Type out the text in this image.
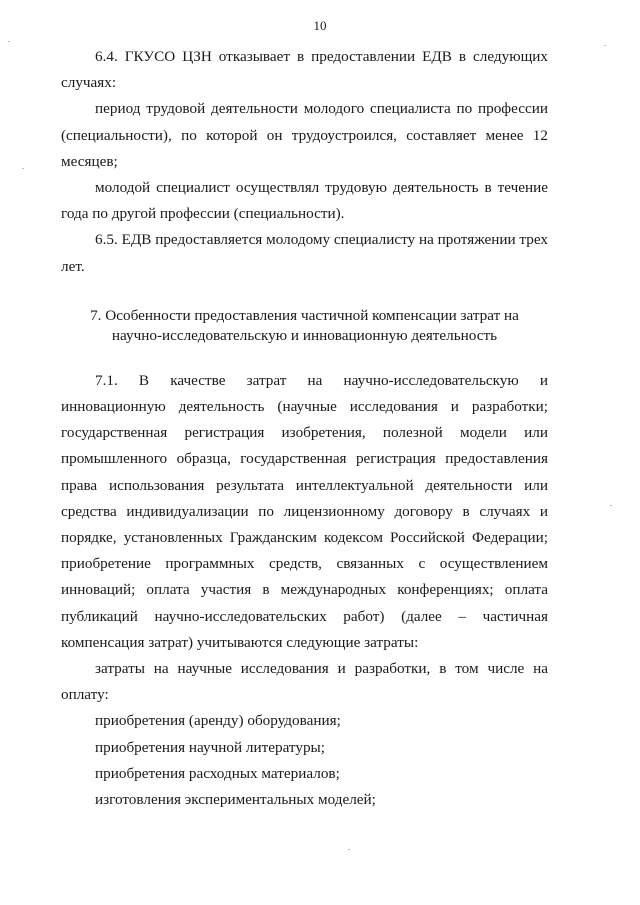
10

6.4. ГКУСО ЦЗН отказывает в предоставлении ЕДВ в следующих случаях:

период трудовой деятельности молодого специалиста по профессии (специальности), по которой он трудоустроился, составляет менее 12 месяцев;

молодой специалист осуществлял трудовую деятельность в течение года по другой профессии (специальности).

6.5. ЕДВ предоставляется молодому специалисту на протяжении трех лет.

7. Особенности предоставления частичной компенсации затрат на
научно-исследовательскую и инновационную деятельность

7.1. В качестве затрат на научно-исследовательскую и инновационную деятельность (научные исследования и разработки; государственная регистрация изобретения, полезной модели или промышленного образца, государственная регистрация предоставления права использования результата интеллектуальной деятельности или средства индивидуализации по лицензионному договору в случаях и порядке, установленных Гражданским кодексом Российской Федерации; приобретение программных средств, связанных с осуществлением инноваций; оплата участия в международных конференциях; оплата публикаций научно-исследовательских работ) (далее – частичная компенсация затрат) учитываются следующие затраты:

затраты на научные исследования и разработки, в том числе на оплату:

приобретения (аренду) оборудования;

приобретения научной литературы;

приобретения расходных материалов;

изготовления экспериментальных моделей;
